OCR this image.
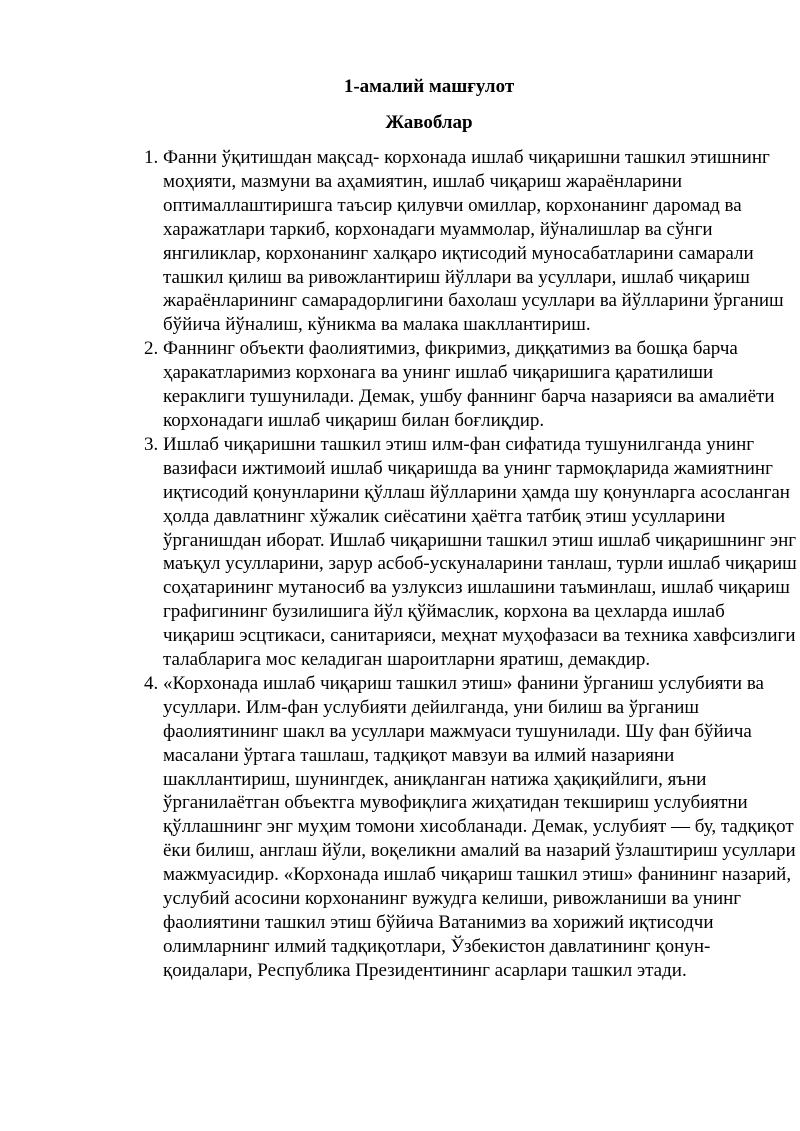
1-амалий машғулот
Жавоблар
1. Фанни ўқитишдан мақсад- корхонада ишлаб чиқаришни ташкил этишнинг моҳияти, мазмуни ва аҳамиятин, ишлаб чиқариш жараёнларини оптималлаштиришга таъсир қилувчи омиллар, корхонанинг даромад ва харажатлари таркиб, корхонадаги муаммолар, йўналишлар ва сўнги янгиликлар, корхонанинг халқаро иқтисодий муносабатларини самарали ташкил қилиш ва ривожлантириш йўллари ва усуллари, ишлаб чиқариш жараёнларининг самарадорлигини бахолаш усуллари ва йўлларини ўрганиш бўйича йўналиш, кўникма ва малака шакллантириш.
2. Фаннинг объекти фаолиятимиз, фикримиз, диққатимиз ва бошқа барча ҳаракатларимиз корхонага ва унинг ишлаб чиқаришига қаратилиши кераклиги тушунилади. Демак, ушбу фаннинг барча назарияси ва амалиёти корхонадаги ишлаб чиқариш билан боғлиқдир.
3. Ишлаб чиқаришни ташкил этиш илм-фан сифатида тушунилганда унинг вазифаси ижтимоий ишлаб чиқаришда ва унинг тармоқларида жамиятнинг иқтисодий қонунларини қўллаш йўлларини ҳамда шу қонунларга асосланган ҳолда давлатнинг хўжалик сиёсатини ҳаётга татбиқ этиш усулларини ўрганишдан иборат. Ишлаб чиқаришни ташкил этиш ишлаб чиқаришнинг энг маъқул усулларини, зарур асбоб-ускуналарини танлаш, турли ишлаб чиқариш соҳатарининг мутаносиб ва узлуксиз ишлашини таъминлаш, ишлаб чиқариш графигининг бузилишига йўл қўймаслик, корхона ва цехларда ишлаб чиқариш эсцтикаси, санитарияси, меҳнат муҳофазаси ва техника хавфсизлиги талабларига мос келадиган шароитларни яратиш, демакдир.
4. «Корхонада ишлаб чиқариш ташкил этиш» фанини ўрганиш услубияти ва усуллари. Илм-фан услубияти дейилганда, уни билиш ва ўрганиш фаолиятининг шакл ва усуллари мажмуаси тушунилади. Шу фан бўйича масалани ўртага ташлаш, тадқиқот мавзуи ва илмий назарияни шакллантириш, шунингдек, аниқланган натижа ҳақиқийлиги, яъни ўрганилаётган объектга мувофиқлига жиҳатидан текшириш услубиятни қўллашнинг энг муҳим томони хисобланади. Демак, услубият — бу, тадқиқот ёки билиш, англаш йўли, воқеликни амалий ва назарий ўзлаштириш усуллари мажмуасидир. «Корхонада ишлаб чиқариш ташкил этиш» фанининг назарий, услубий асосини корхонанинг вужудга келиши, ривожланиши ва унинг фаолиятини ташкил этиш бўйича Ватанимиз ва хорижий иқтисодчи олимларнинг илмий тадқиқотлари, Ўзбекистон давлатининг қонун-қоидалари, Республика Президентининг асарлари ташкил этади.
